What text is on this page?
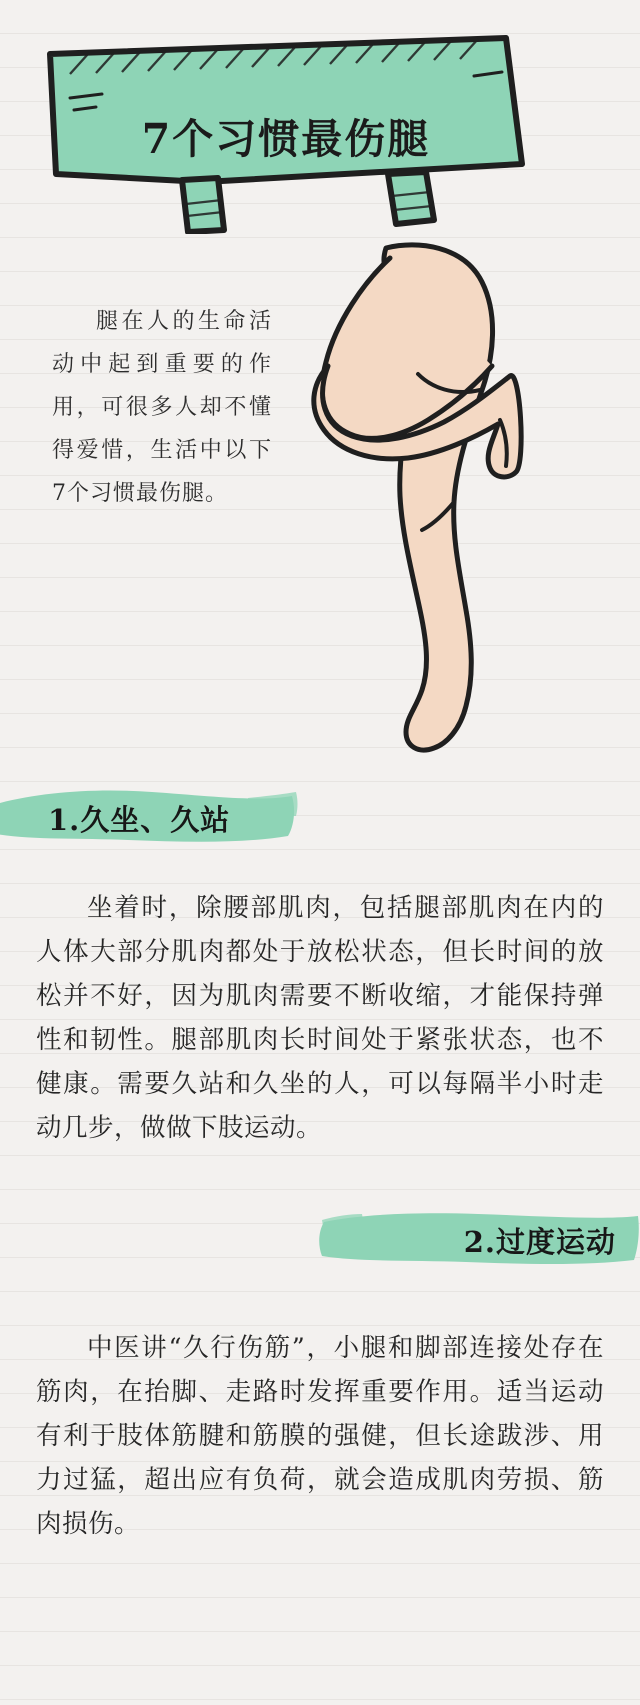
7个习惯最伤腿
腿在人的生命活动中起到重要的作用，可很多人却不懂得爱惜，生活中以下7个习惯最伤腿。
1.久坐、久站
坐着时，除腰部肌肉，包括腿部肌肉在内的人体大部分肌肉都处于放松状态，但长时间的放松并不好，因为肌肉需要不断收缩，才能保持弹性和韧性。腿部肌肉长时间处于紧张状态，也不健康。需要久站和久坐的人，可以每隔半小时走动几步，做做下肢运动。
2.过度运动
中医讲“久行伤筋”，小腿和脚部连接处存在筋肉，在抬脚、走路时发挥重要作用。适当运动有利于肢体筋腱和筋膜的强健，但长途跋涉、用力过猛，超出应有负荷，就会造成肌肉劳损、筋肉损伤。
